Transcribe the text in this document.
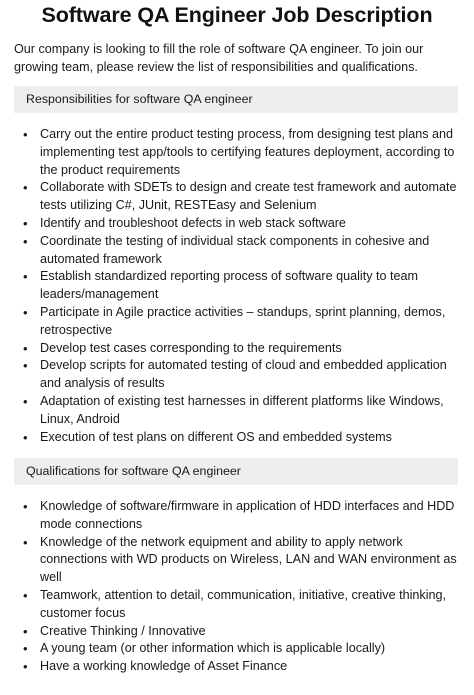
Software QA Engineer Job Description

Our company is looking to fill the role of software QA engineer. To join our growing team, please review the list of responsibilities and qualifications.

Responsibilities for software QA engineer
• Carry out the entire product testing process, from designing test plans and implementing test app/tools to certifying features deployment, according to the product requirements
• Collaborate with SDETs to design and create test framework and automate tests utilizing C#, JUnit, RESTEasy and Selenium
• Identify and troubleshoot defects in web stack software
• Coordinate the testing of individual stack components in cohesive and automated framework
• Establish standardized reporting process of software quality to team leaders/management
• Participate in Agile practice activities – standups, sprint planning, demos, retrospective
• Develop test cases corresponding to the requirements
• Develop scripts for automated testing of cloud and embedded application and analysis of results
• Adaptation of existing test harnesses in different platforms like Windows, Linux, Android
• Execution of test plans on different OS and embedded systems
Qualifications for software QA engineer
• Knowledge of software/firmware in application of HDD interfaces and HDD mode connections
• Knowledge of the network equipment and ability to apply network connections with WD products on Wireless, LAN and WAN environment as well
• Teamwork, attention to detail, communication, initiative, creative thinking, customer focus
• Creative Thinking / Innovative
• A young team (or other information which is applicable locally)
• Have a working knowledge of Asset Finance
